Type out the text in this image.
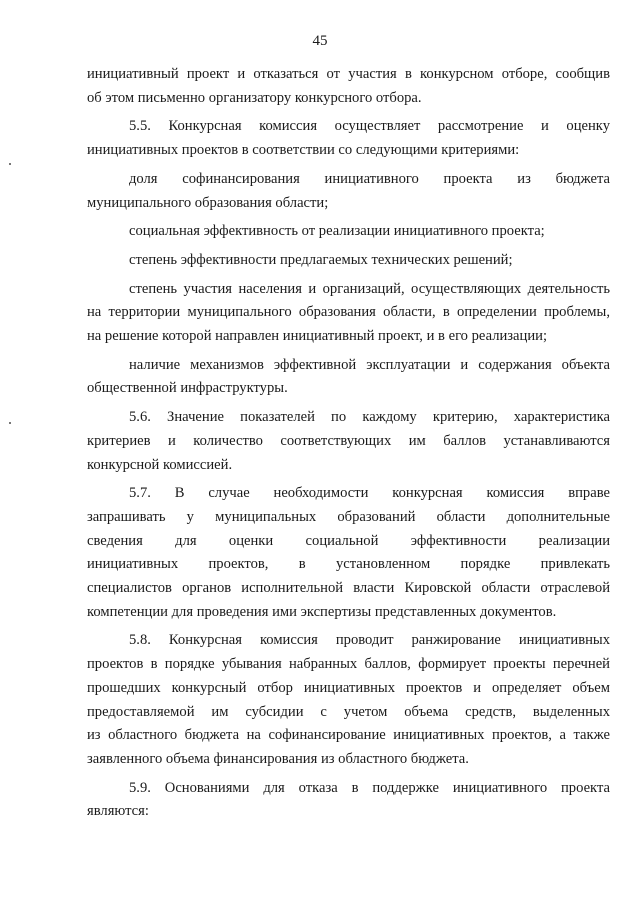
45

инициативный проект и отказаться от участия в конкурсном отборе, сообщив

об этом письменно организатору конкурсного отбора.

5.5. Конкурсная комиссия осуществляет рассмотрение и оценку

инициативных проектов в соответствии со следующими критериями:

доля софинансирования инициативного проекта из бюджета

муниципального образования области;

социальная эффективность от реализации инициативного проекта;

степень эффективности предлагаемых технических решений;

степень участия населения и организаций, осуществляющих деятельность

на территории муниципального образования области, в определении проблемы,

на решение которой направлен инициативный проект, и в его реализации;

наличие механизмов эффективной эксплуатации и содержания объекта

общественной инфраструктуры.

5.6. Значение показателей по каждому критерию, характеристика

критериев и количество соответствующих им баллов устанавливаются

конкурсной комиссией.

5.7. В случае необходимости конкурсная комиссия вправе

запрашивать у муниципальных образований области дополнительные

сведения для оценки социальной эффективности реализации

инициативных проектов, в установленном порядке привлекать

специалистов органов исполнительной власти Кировской области отраслевой

компетенции для проведения ими экспертизы представленных документов.

5.8. Конкурсная комиссия проводит ранжирование инициативных

проектов в порядке убывания набранных баллов, формирует проекты перечней

прошедших конкурсный отбор инициативных проектов и определяет объем

предоставляемой им субсидии с учетом объема средств, выделенных

из областного бюджета на софинансирование инициативных проектов, а также

заявленного объема финансирования из областного бюджета.

5.9. Основаниями для отказа в поддержке инициативного проекта

являются:
